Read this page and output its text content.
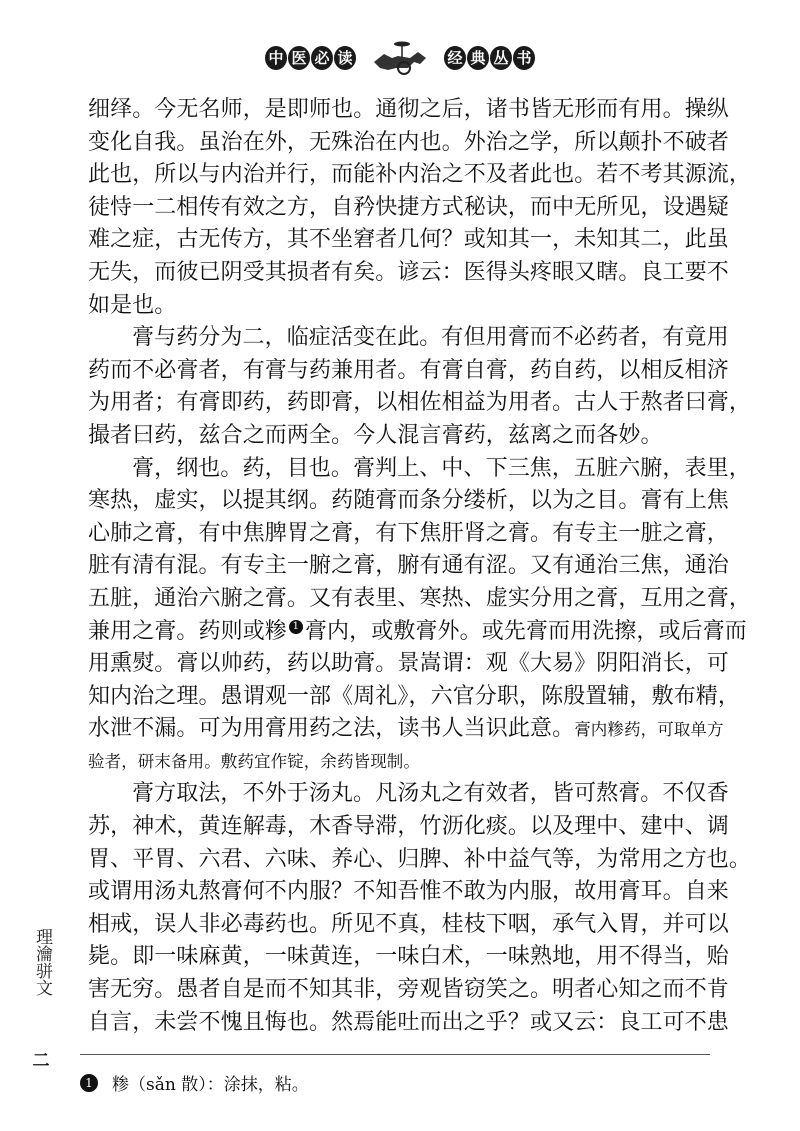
中 医 必 读	经 典 丛 书
细绎。今无名师，是即师也。通彻之后，诸书皆无形而有用。操纵
变化自我。虽治在外，无殊治在内也。外治之学，所以颠扑不破者
此也，所以与内治并行，而能补内治之不及者此也。若不考其源流，
徒恃一二相传有效之方，自矜快捷方式秘诀，而中无所见，设遇疑
难之症，古无传方，其不坐窘者几何？或知其一，未知其二，此虽
无失，而彼已阴受其损者有矣。谚云：医得头疼眼又瞎。良工要不
如是也。
膏与药分为二，临症活变在此。有但用膏而不必药者，有竟用
药而不必膏者，有膏与药兼用者。有膏自膏，药自药，以相反相济
为用者；有膏即药，药即膏，以相佐相益为用者。古人于熬者曰膏，
撮者曰药，兹合之而两全。今人混言膏药，兹离之而各妙。
膏，纲也。药，目也。膏判上、中、下三焦，五脏六腑，表里，
寒热，虚实，以提其纲。药随膏而条分缕析，以为之目。膏有上焦
心肺之膏，有中焦脾胃之膏，有下焦肝肾之膏。有专主一脏之膏，
脏有清有混。有专主一腑之膏，腑有通有涩。又有通治三焦，通治
五脏，通治六腑之膏。又有表里、寒热、虚实分用之膏，互用之膏，
兼用之膏。药则或糁 1 膏内，或敷膏外。或先膏而用洗擦，或后膏而
用熏熨。膏以帅药，药以助膏。景嵩谓：观《大易》阴阳消长，可
知内治之理。愚谓观一部《周礼》，六官分职，陈殷置辅，敷布精，
水泄不漏。可为用膏用药之法，读书人当识此意。膏内糁药，可取单方
验者，研末备用。敷药宜作锭，余药皆现制。
膏方取法，不外于汤丸。凡汤丸之有效者，皆可熬膏。不仅香
苏，神术，黄连解毒，木香导滞，竹沥化痰。以及理中、建中、调
胃、平胃、六君、六味、养心、归脾、补中益气等，为常用之方也。
或谓用汤丸熬膏何不内服？不知吾惟不敢为内服，故用膏耳。自来
相戒，误人非必毒药也。所见不真，桂枝下咽，承气入胃，并可以
毙。即一味麻黄，一味黄连，一味白术，一味熟地，用不得当，贻
害无穷。愚者自是而不知其非，旁观皆窃笑之。明者心知之而不肯
自言，未尝不愧且悔也。然焉能吐而出之乎？或又云：良工可不患
理瀹骈文
二
1	糁（sǎn 散）：涂抹，粘。
